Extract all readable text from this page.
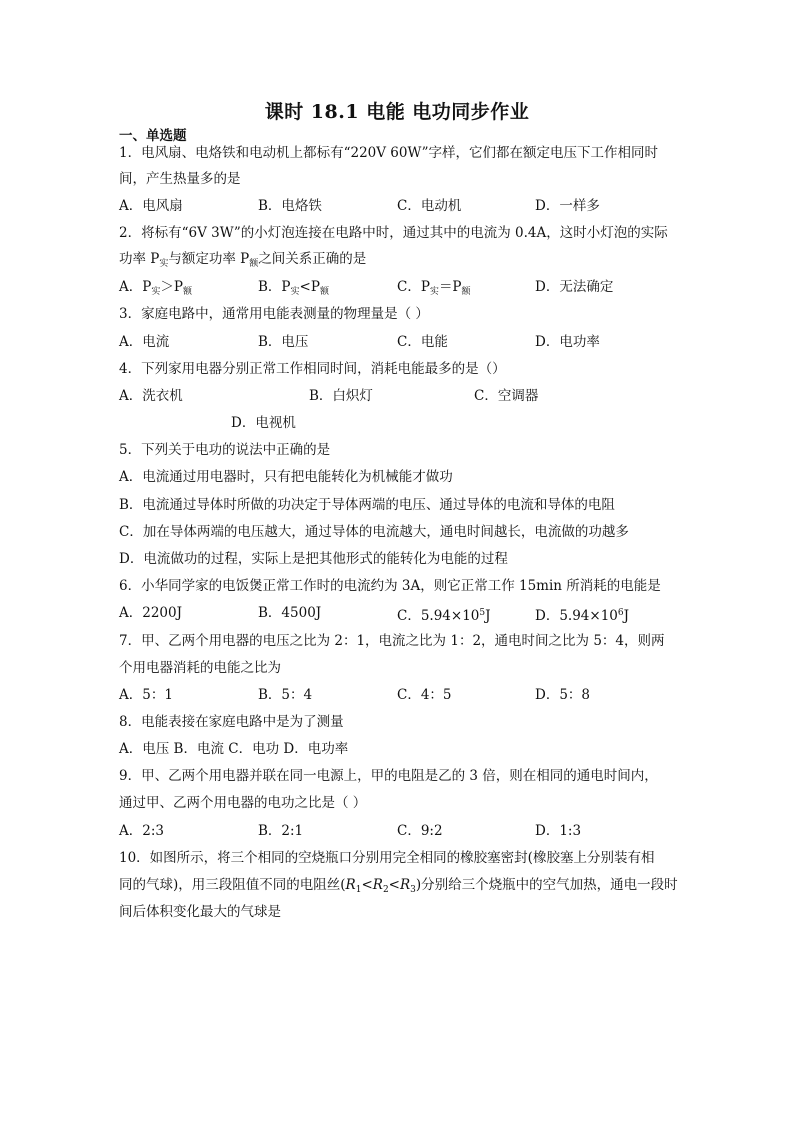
课时 18.1 电能 电功同步作业
一、单选题
1．电风扇、电烙铁和电动机上都标有“220V 60W”字样，它们都在额定电压下工作相同时
间，产生热量多的是
A．电风扇	B．电烙铁	C．电动机	D．一样多
2．将标有“6V 3W”的小灯泡连接在电路中时，通过其中的电流为 0.4A，这时小灯泡的实际
功率 $P_实$与额定功率 $P_额$之间关系正确的是
A．$P_实>P_额$	B．$P_实<P_额$	C．$P_实=P_额$	D．无法确定
3．家庭电路中，通常用电能表测量的物理量是（ ）
A．电流	B．电压	C．电能	D．电功率
4．下列家用电器分别正常工作相同时间，消耗电能最多的是（）
A．洗衣机	B．白炽灯	C．空调器
D．电视机
5．下列关于电功的说法中正确的是
A．电流通过用电器时，只有把电能转化为机械能才做功
B．电流通过导体时所做的功决定于导体两端的电压、通过导体的电流和导体的电阻
C．加在导体两端的电压越大，通过导体的电流越大，通电时间越长，电流做的功越多
D．电流做功的过程，实际上是把其他形式的能转化为电能的过程
6．小华同学家的电饭煲正常工作时的电流约为 3A，则它正常工作 15min 所消耗的电能是
A．2200J	B．4500J	C．$5.94\times 10^5J$	D．$5.94\times 10^6J$
7．甲、乙两个用电器的电压之比为 2：1，电流之比为 1：2，通电时间之比为 5：4，则两
个用电器消耗的电能之比为
A．5：1	B．5：4	C．4：5	D．5：8
8．电能表接在家庭电路中是为了测量
A．电压 B．电流 C．电功 D．电功率
9．甲、乙两个用电器并联在同一电源上，甲的电阻是乙的 3 倍，则在相同的通电时间内，
通过甲、乙两个用电器的电功之比是（ ）
A．2:3	B．2:1	C．9:2	D．1:3
10．如图所示，将三个相同的空烧瓶口分别用完全相同的橡胶塞密封(橡胶塞上分别装有相
同的气球)，用三段阻值不同的电阻丝$(R_1<R_2<R_3)$分别给三个烧瓶中的空气加热，通电一段时
间后体积变化最大的气球是
